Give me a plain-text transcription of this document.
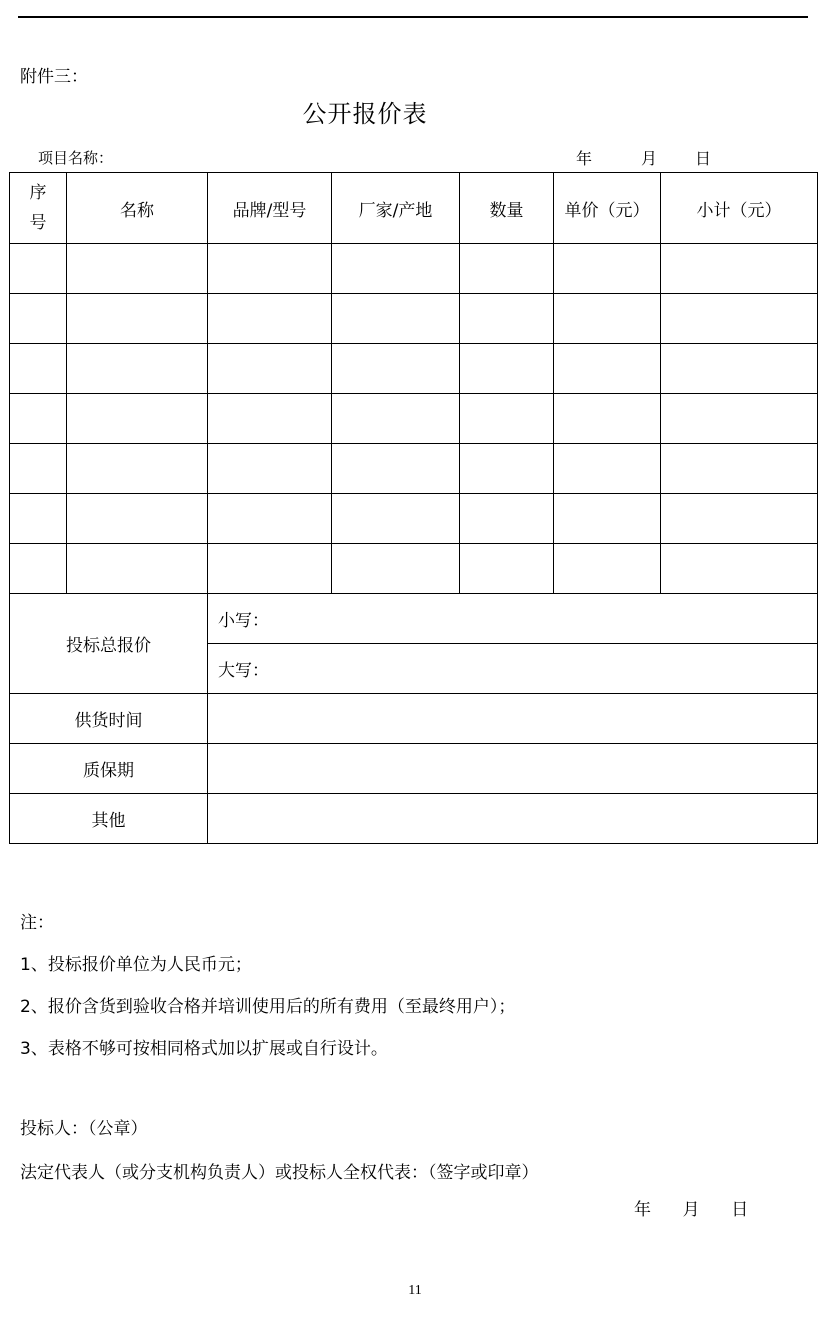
附件三：
公开报价表
项目名称：	年	月 日
序
号	名称	品牌/型号	厂家/产地	数量	单价（元）	小计（元）

投标总报价		小写：				
		大写：				
供货时间						
质保期						
其他						
注：
1、投标报价单位为人民币元；
2、报价含货到验收合格并培训使用后的所有费用（至最终用户）；
3、表格不够可按相同格式加以扩展或自行设计。
投标人：（公章）
法定代表人（或分支机构负责人）或投标人全权代表：（签字或印章）
年 月 日
11
